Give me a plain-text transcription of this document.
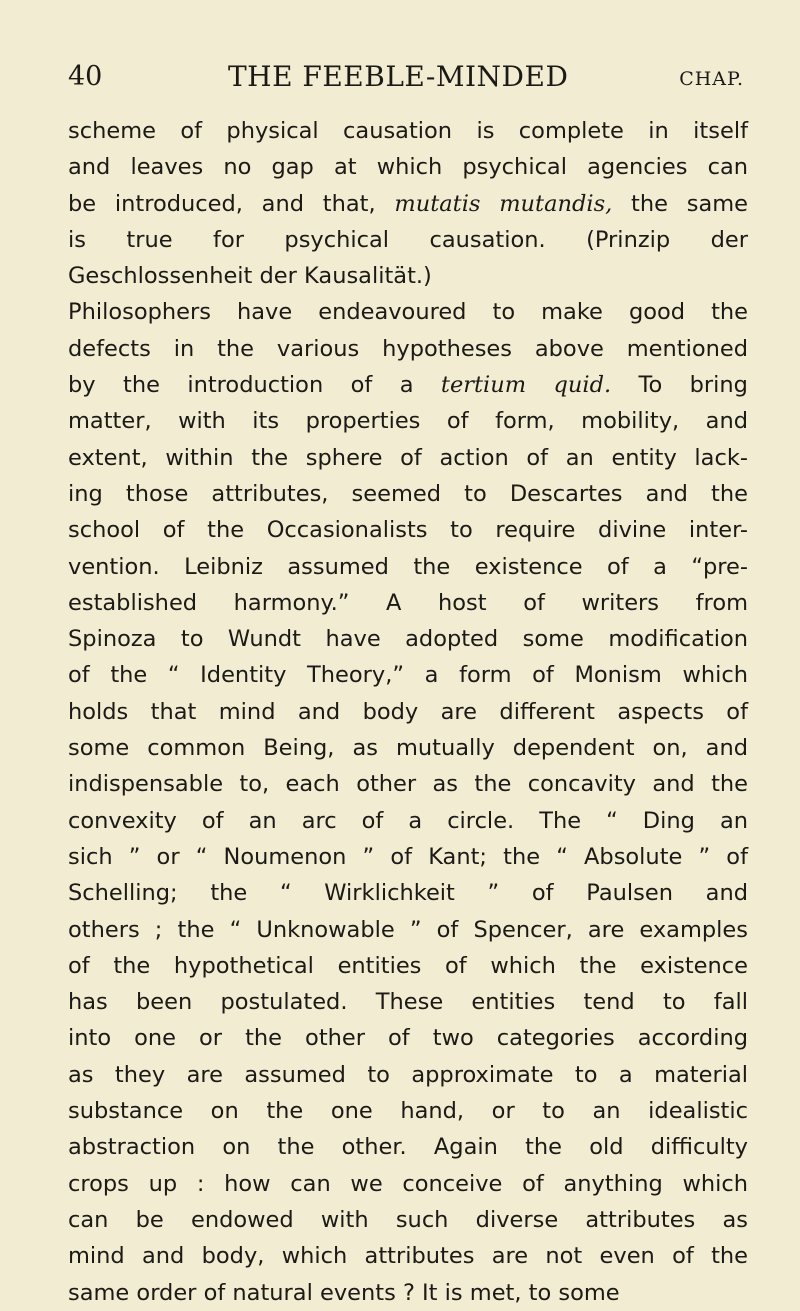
40	THE FEEBLE-MINDED	CHAP.
scheme of physical causation is complete in itself
and leaves no gap at which psychical agencies can
be introduced, and that, mutatis mutandis, the same
is true for psychical causation. (Prinzip der
Geschlossenheit der Kausalität.)
Philosophers have endeavoured to make good the
defects in the various hypotheses above mentioned
by the introduction of a tertium quid. To bring
matter, with its properties of form, mobility, and
extent, within the sphere of action of an entity lack-
ing those attributes, seemed to Descartes and the
school of the Occasionalists to require divine inter-
vention. Leibniz assumed the existence of a “pre-
established harmony.” A host of writers from
Spinoza to Wundt have adopted some modification
of the “ Identity Theory,” a form of Monism which
holds that mind and body are different aspects of
some common Being, as mutually dependent on, and
indispensable to, each other as the concavity and the
convexity of an arc of a circle. The “ Ding an
sich ” or “ Noumenon ” of Kant; the “ Absolute ” of
Schelling; the “ Wirklichkeit ” of Paulsen and
others ; the “ Unknowable ” of Spencer, are examples
of the hypothetical entities of which the existence
has been postulated. These entities tend to fall
into one or the other of two categories according
as they are assumed to approximate to a material
substance on the one hand, or to an idealistic
abstraction on the other. Again the old difficulty
crops up : how can we conceive of anything which
can be endowed with such diverse attributes as
mind and body, which attributes are not even of the
same order of natural events ? It is met, to some
